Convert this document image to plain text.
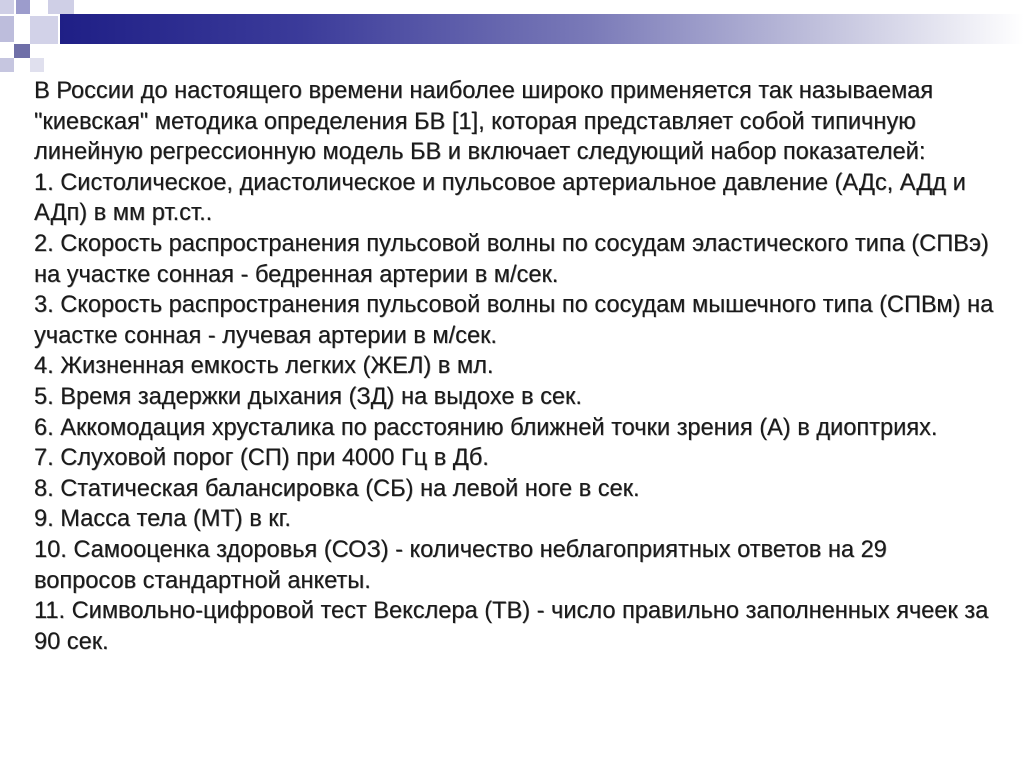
В России до настоящего времени наиболее широко применяется так называемая "киевская" методика определения БВ [1], которая представляет собой типичную линейную регрессионную модель БВ и включает следующий набор показателей:

1. Систолическое, диастолическое и пульсовое артериальное давление (АДс, АДд и АДп) в мм рт.ст..

2. Скорость распространения пульсовой волны по сосудам эластического типа (СПВэ) на участке сонная - бедренная артерии в м/сек.

3. Скорость распространения пульсовой волны по сосудам мышечного типа (СПВм) на участке сонная - лучевая артерии в м/сек.

4. Жизненная емкость легких (ЖЕЛ) в мл.

5. Время задержки дыхания (ЗД) на выдохе в сек.

6. Аккомодация хрусталика по расстоянию ближней точки зрения (А) в диоптриях.

7. Слуховой порог (СП) при 4000 Гц в Дб.

8. Статическая балансировка (СБ) на левой ноге в сек.

9. Масса тела (МТ) в кг.

10. Самооценка здоровья (СОЗ) - количество неблагоприятных ответов на 29 вопросов стандартной анкеты.

11. Символьно-цифровой тест Векслера (ТВ) - число правильно заполненных ячеек за 90 сек.
